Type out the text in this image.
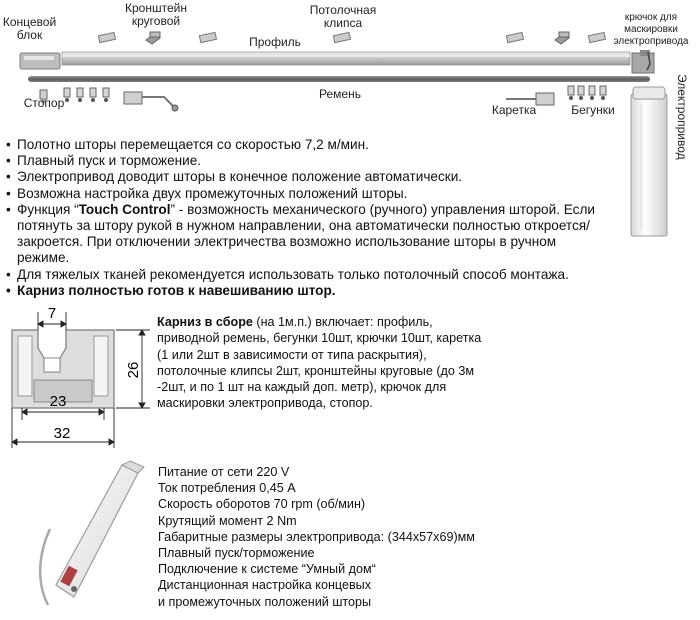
Концевой
блок
Кронштейн
круговой
Потолочная
клипса	крючок для
маскировки
электропривода
Профиль
Ремень
Стопор	Каретка	Бегунки	Электропривод
• Полотно шторы перемещается со скоростью 7,2 м/мин.
• Плавный пуск и торможение.
• Электропривод доводит шторы в конечное положение автоматически.
• Возможна настройка двух промежуточных положений шторы.
• Функция “Touch Control” - возможность механического (ручного) управления шторой. Если потянуть за штору рукой в нужном направлении, она автоматически полностью откроется/закроется. При отключении электричества возможно использование шторы в ручном режиме.
• Для тяжелых тканей рекомендуется использовать только потолочный способ монтажа.
• Карниз полностью готов к навешиванию штор.
7
26
23
32
Карниз в сборе (на 1м.п.) включает: профиль, приводной ремень, бегунки 10шт, крючки 10шт, каретка (1 или 2шт в зависимости от типа раскрытия), потолочные клипсы 2шт, кронштейны круговые (до 3м -2шт, и по 1 шт на каждый доп. метр), крючок для маскировки электропривода, стопор.
Питание от сети 220 V
Ток потребления 0,45 А
Скорость оборотов 70 rpm (об/мин)
Крутящий момент 2 Nm
Габаритные размеры электропривода: (344x57x69)мм
Плавный пуск/торможение
Подключение к системе “Умный дом“
Дистанционная настройка концевых
и промежуточных положений шторы
